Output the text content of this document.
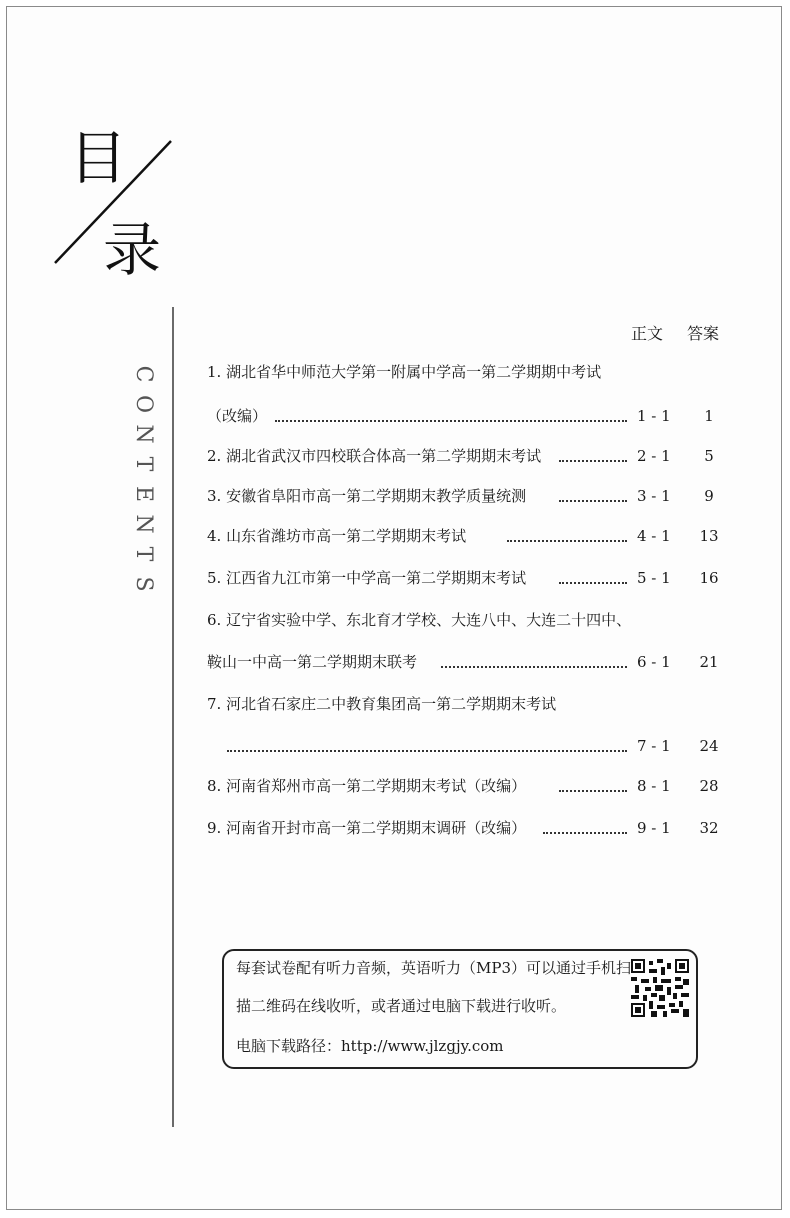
目
录
C
O
N
T
E
N
T
S
正文 答案
1. 湖北省华中师范大学第一附属中学高一第二学期期中考试
（改编）	1 - 1	1
2. 湖北省武汉市四校联合体高一第二学期期末考试	2 - 1	5
3. 安徽省阜阳市高一第二学期期末教学质量统测	3 - 1	9
4. 山东省潍坊市高一第二学期期末考试	4 - 1	13
5. 江西省九江市第一中学高一第二学期期末考试	5 - 1	16
6. 辽宁省实验中学、东北育才学校、大连八中、大连二十四中、
鞍山一中高一第二学期期末联考	6 - 1	21
7. 河北省石家庄二中教育集团高一第二学期期末考试
7 - 1	24
8. 河南省郑州市高一第二学期期末考试（改编）	8 - 1	28
9. 河南省开封市高一第二学期期末调研（改编）	9 - 1	32

每套试卷配有听力音频，英语听力（MP3）可以通过手机扫

描二维码在线收听，或者通过电脑下载进行收听。

电脑下载路径：http://www.jlzgjy.com
